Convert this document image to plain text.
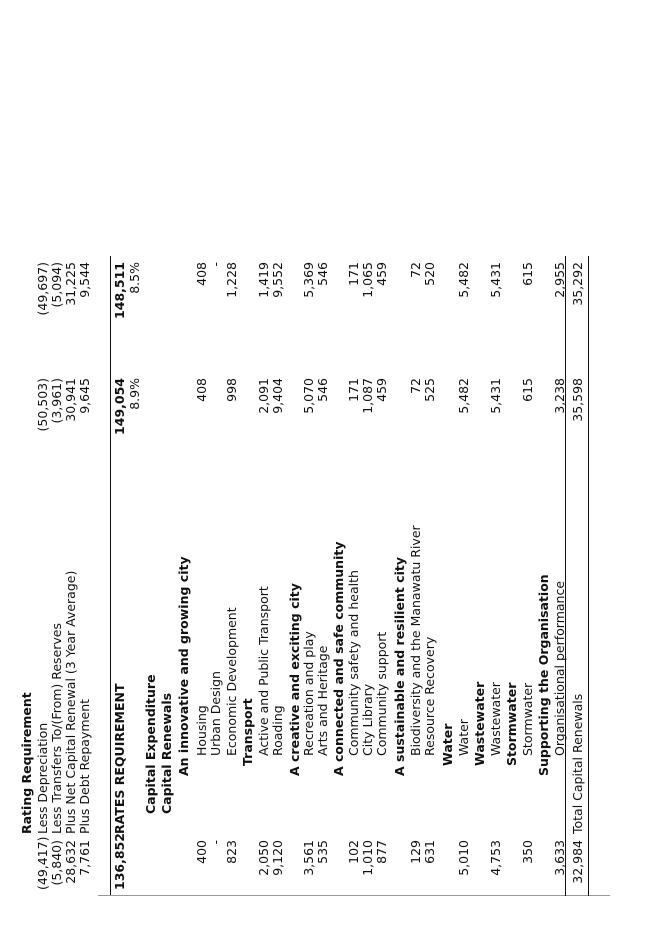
Rating Requirement
(49,417)
Less Depreciation
(50,503)
(49,697)
(5,840)
Less Transfers To/(From) Reserves
(3,961)
(5,094)
28,632
Plus Net Capital Renewal (3 Year Average)
30,941
31,225
7,761
Plus Debt Repayment
9,645
9,544
136,852
RATES REQUIREMENT
149,054
148,511
8.9%
8.5%
Capital Expenditure Capital Renewals An innovative and growing city
400
Housing
408
408
-
Urban Design
-
823
Economic Development
998
1,228
Transport
2,050
Active and Public Transport
2,091
1,419
9,120
Roading
9,404
9,552
A creative and exciting city
3,561
Recreation and play
5,070
5,369
535
Arts and Heritage
546
546
A connected and safe community
102
Community safety and health
171
171
1,010
City Library
1,087
1,065
877
Community support
459
459
A sustainable and resilient city
129
Biodiversity and the Manawatu River
72
72
631
Resource Recovery
525
520
Water
5,010
Water
5,482
5,482
Wastewater
4,753
Wastewater
5,431
5,431
Stormwater
350
Stormwater
615
615
Supporting the Organisation
3,633
Organisational performance
3,238
2,955
32,984
Total Capital Renewals
35,598
35,292
